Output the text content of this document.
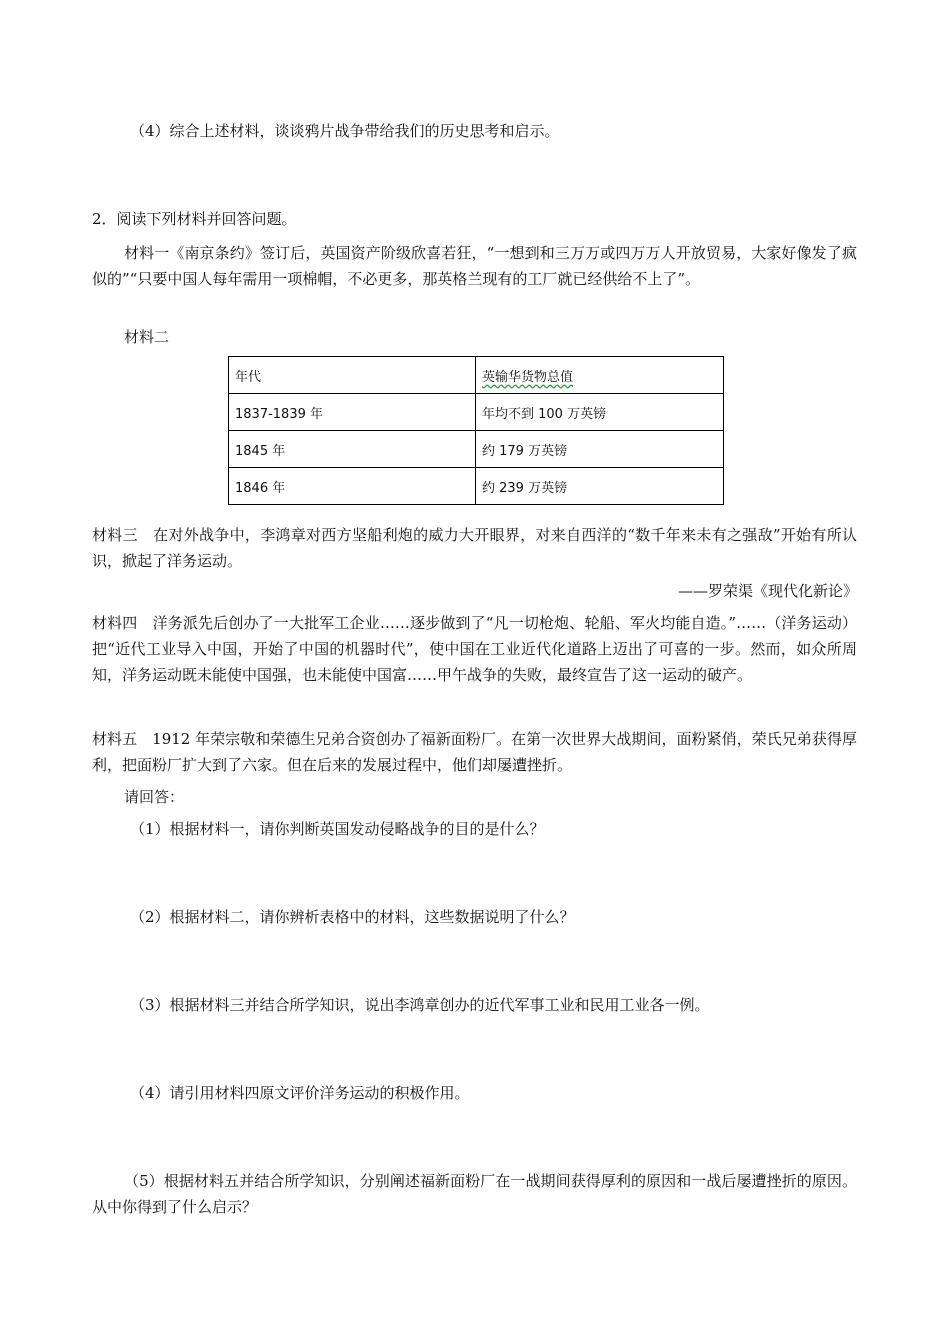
（4）综合上述材料，谈谈鸦片战争带给我们的历史思考和启示。
2．阅读下列材料并回答问题。
材料一《南京条约》签订后，英国资产阶级欣喜若狂，“一想到和三万万或四万万人开放贸易，大家好像发了疯似的”“只要中国人每年需用一项棉帽，不必更多，那英格兰现有的工厂就已经供给不上了”。
材料二
年代	英输华货物总值
1837-1839 年	年均不到 100 万英镑
1845 年	约 179 万英镑
1846 年	约 239 万英镑
材料三　在对外战争中，李鸿章对西方坚船利炮的威力大开眼界，对来自西洋的“数千年来未有之强敌”开始有所认识，掀起了洋务运动。
——罗荣渠《现代化新论》
材料四　洋务派先后创办了一大批军工企业……逐步做到了“凡一切枪炮、轮船、军火均能自造。”……（洋务运动）把“近代工业导入中国，开始了中国的机器时代”，使中国在工业近代化道路上迈出了可喜的一步。然而，如众所周知，洋务运动既未能使中国强，也未能使中国富……甲午战争的失败，最终宣告了这一运动的破产。
材料五　1912 年荣宗敬和荣德生兄弟合资创办了福新面粉厂。在第一次世界大战期间，面粉紧俏，荣氏兄弟获得厚利，把面粉厂扩大到了六家。但在后来的发展过程中，他们却屡遭挫折。
请回答：
（1）根据材料一，请你判断英国发动侵略战争的目的是什么？
（2）根据材料二，请你辨析表格中的材料，这些数据说明了什么？
（3）根据材料三并结合所学知识，说出李鸿章创办的近代军事工业和民用工业各一例。
（4）请引用材料四原文评价洋务运动的积极作用。
（5）根据材料五并结合所学知识，分别阐述福新面粉厂在一战期间获得厚利的原因和一战后屡遭挫折的原因。从中你得到了什么启示？
